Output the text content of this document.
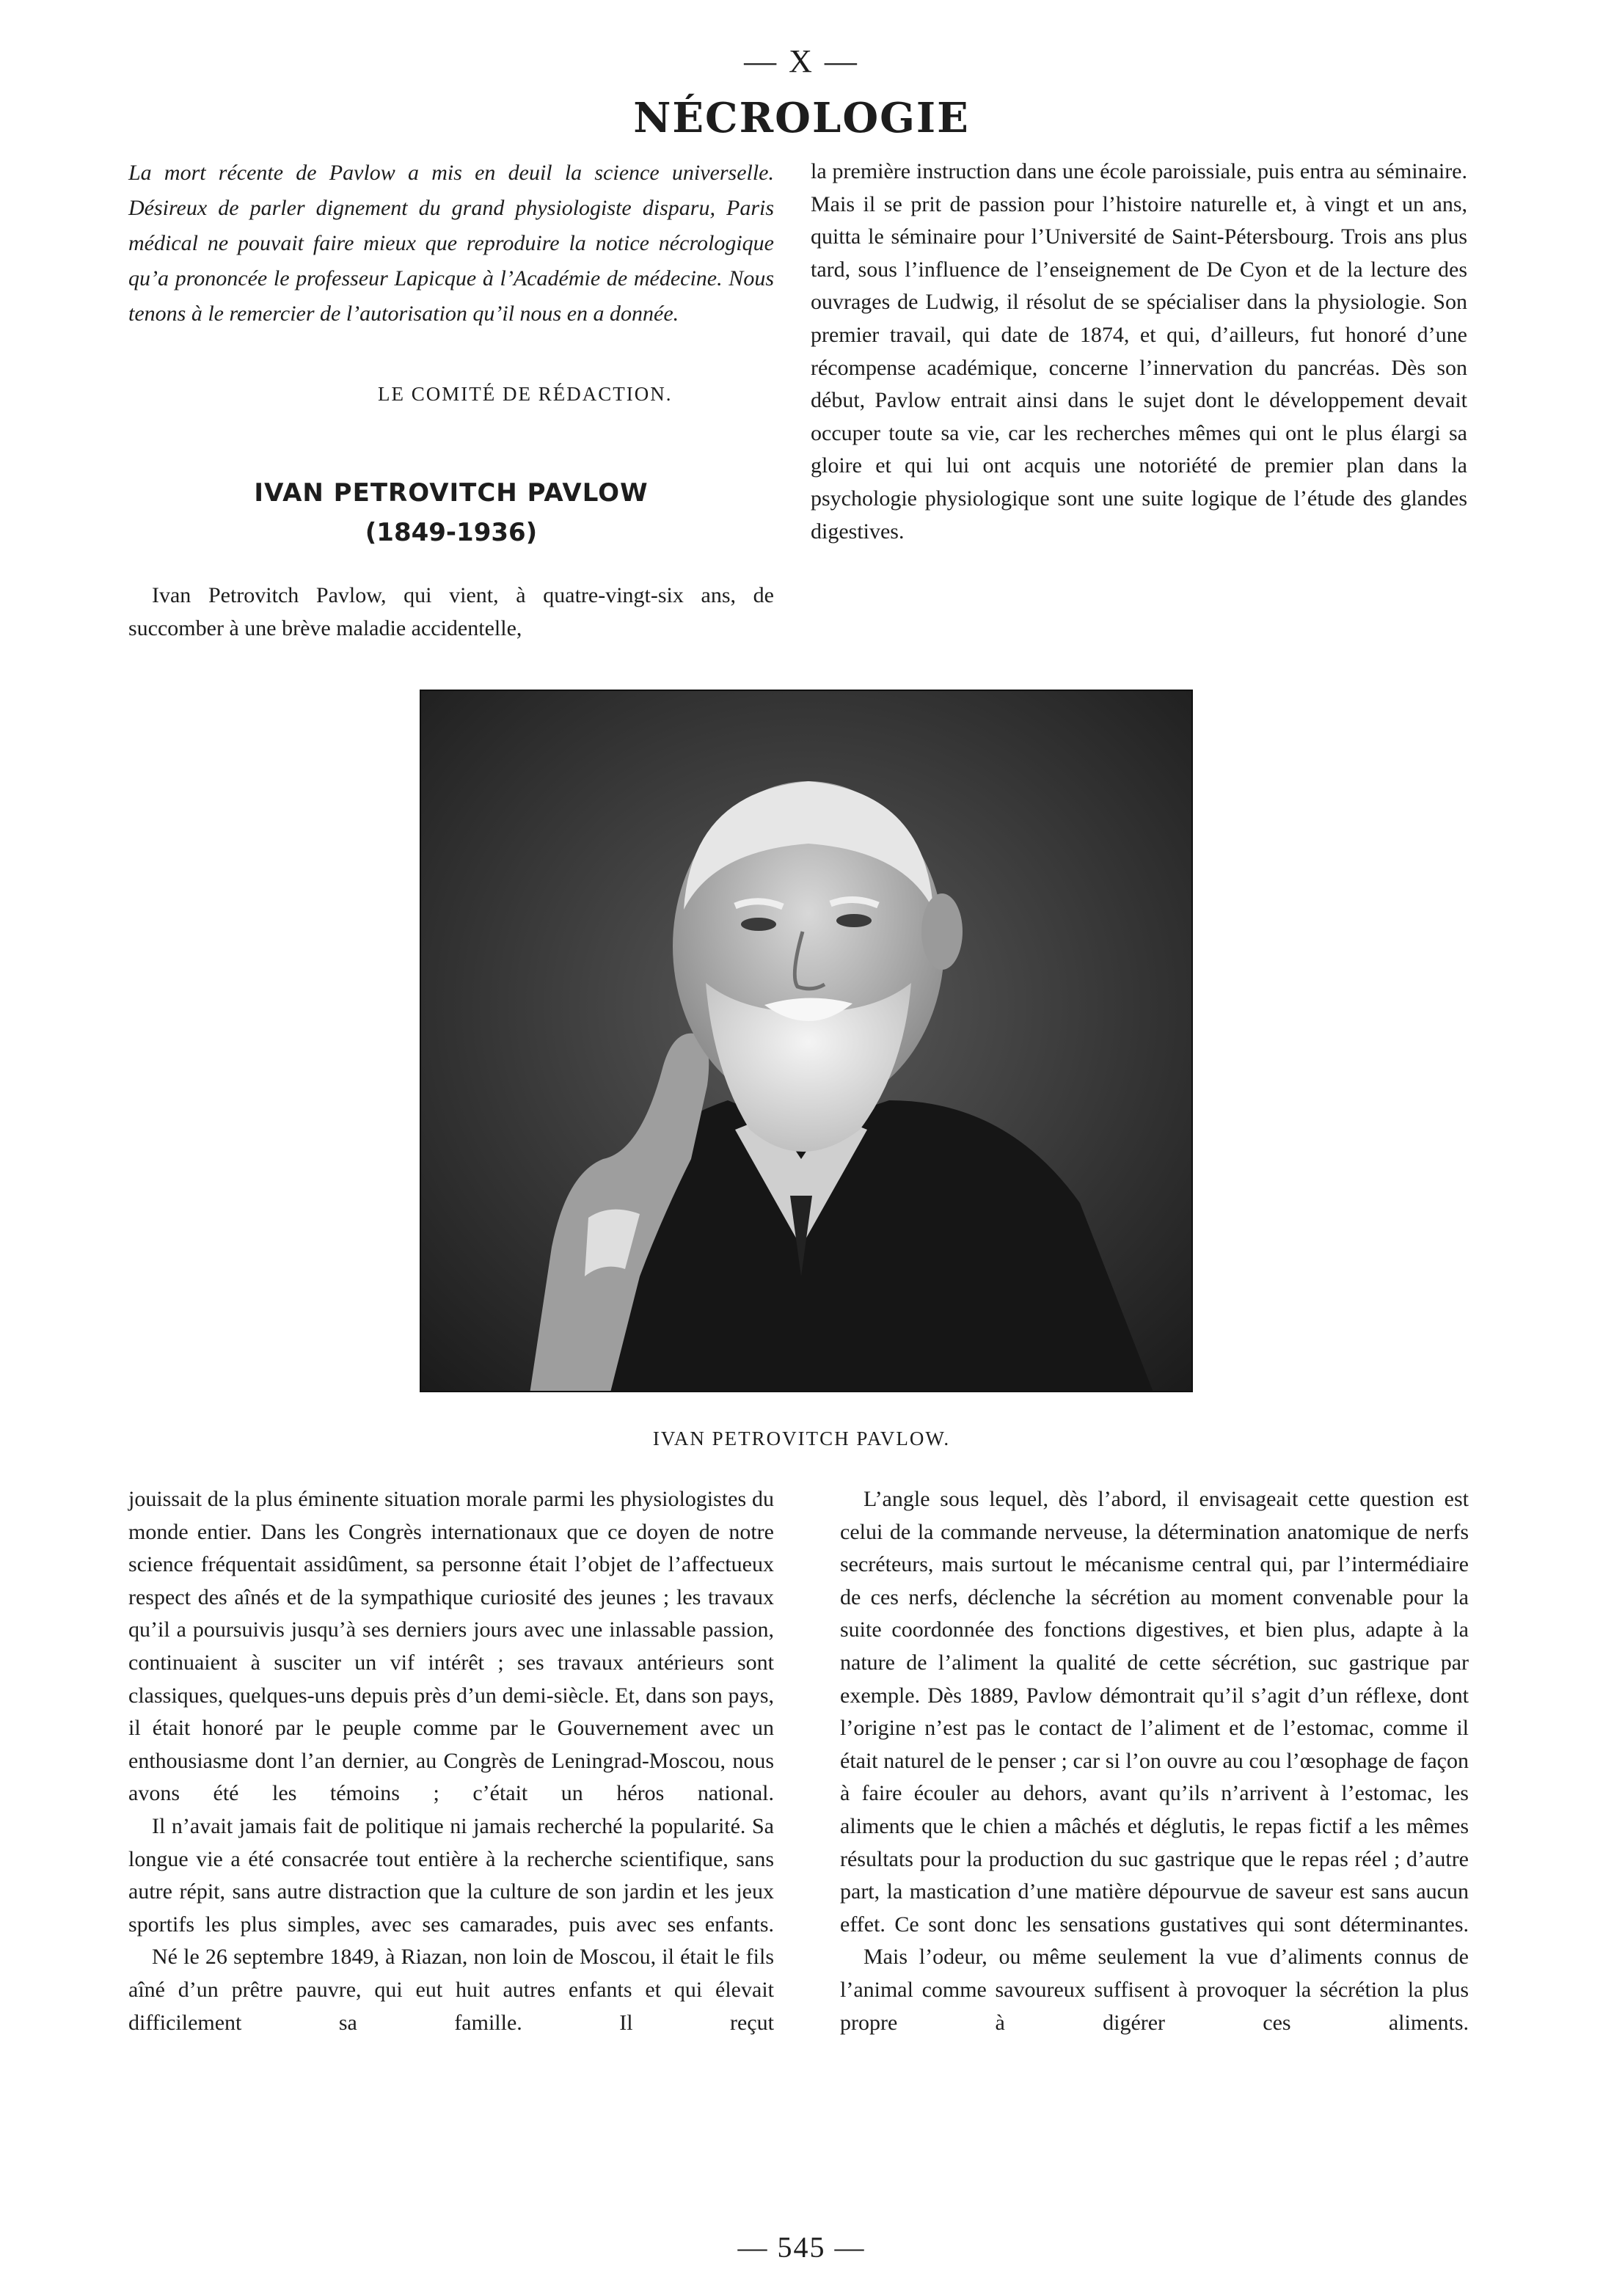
— X —
NÉCROLOGIE
La mort récente de Pavlow a mis en deuil la science universelle. Désireux de parler dignement du grand physiologiste disparu, Paris médical ne pouvait faire mieux que reproduire la notice nécrologique qu’a prononcée le professeur Lapicque à l’Académie de médecine. Nous tenons à le remercier de l’autorisation qu’il nous en a donnée.
LE COMITÉ DE RÉDACTION.
IVAN PETROVITCH PAVLOW
(1849-1936)

Ivan Petrovitch Pavlow, qui vient, à quatre-vingt-six ans, de succomber à une brève maladie accidentelle,

la première instruction dans une école paroissiale, puis entra au séminaire. Mais il se prit de passion pour l’histoire naturelle et, à vingt et un ans, quitta le séminaire pour l’Université de Saint-Pétersbourg. Trois ans plus tard, sous l’influence de l’enseignement de De Cyon et de la lecture des ouvrages de Ludwig, il résolut de se spécialiser dans la physiologie. Son premier travail, qui date de 1874, et qui, d’ailleurs, fut honoré d’une récompense académique, concerne l’innervation du pancréas. Dès son début, Pavlow entrait ainsi dans le sujet dont le développement devait occuper toute sa vie, car les recherches mêmes qui ont le plus élargi sa gloire et qui lui ont acquis une notoriété de premier plan dans la psychologie physiologique sont une suite logique de l’étude des glandes digestives.

IVAN PETROVITCH PAVLOW.

jouissait de la plus éminente situation morale parmi les physiologistes du monde entier. Dans les Congrès internationaux que ce doyen de notre science fréquentait assidûment, sa personne était l’objet de l’affectueux respect des aînés et de la sympathique curiosité des jeunes ; les travaux qu’il a poursuivis jusqu’à ses derniers jours avec une inlassable passion, continuaient à susciter un vif intérêt ; ses travaux antérieurs sont classiques, quelques-uns depuis près d’un demi-siècle. Et, dans son pays, il était honoré par le peuple comme par le Gouvernement avec un enthousiasme dont l’an dernier, au Congrès de Leningrad-Moscou, nous avons été les témoins ; c’était un héros national.

Il n’avait jamais fait de politique ni jamais recherché la popularité. Sa longue vie a été consacrée tout entière à la recherche scientifique, sans autre répit, sans autre distraction que la culture de son jardin et les jeux sportifs les plus simples, avec ses camarades, puis avec ses enfants.

Né le 26 septembre 1849, à Riazan, non loin de Moscou, il était le fils aîné d’un prêtre pauvre, qui eut huit autres enfants et qui élevait difficilement sa famille. Il reçut

L’angle sous lequel, dès l’abord, il envisageait cette question est celui de la commande nerveuse, la détermination anatomique de nerfs secréteurs, mais surtout le mécanisme central qui, par l’intermédiaire de ces nerfs, déclenche la sécrétion au moment convenable pour la suite coordonnée des fonctions digestives, et bien plus, adapte à la nature de l’aliment la qualité de cette sécrétion, suc gastrique par exemple. Dès 1889, Pavlow démontrait qu’il s’agit d’un réflexe, dont l’origine n’est pas le contact de l’aliment et de l’estomac, comme il était naturel de le penser ; car si l’on ouvre au cou l’œsophage de façon à faire écouler au dehors, avant qu’ils n’arrivent à l’estomac, les aliments que le chien a mâchés et déglutis, le repas fictif a les mêmes résultats pour la production du suc gastrique que le repas réel ; d’autre part, la mastication d’une matière dépourvue de saveur est sans aucun effet. Ce sont donc les sensations gustatives qui sont déterminantes.

Mais l’odeur, ou même seulement la vue d’aliments connus de l’animal comme savoureux suffisent à provoquer la sécrétion la plus propre à digérer ces aliments.

— 545 —
